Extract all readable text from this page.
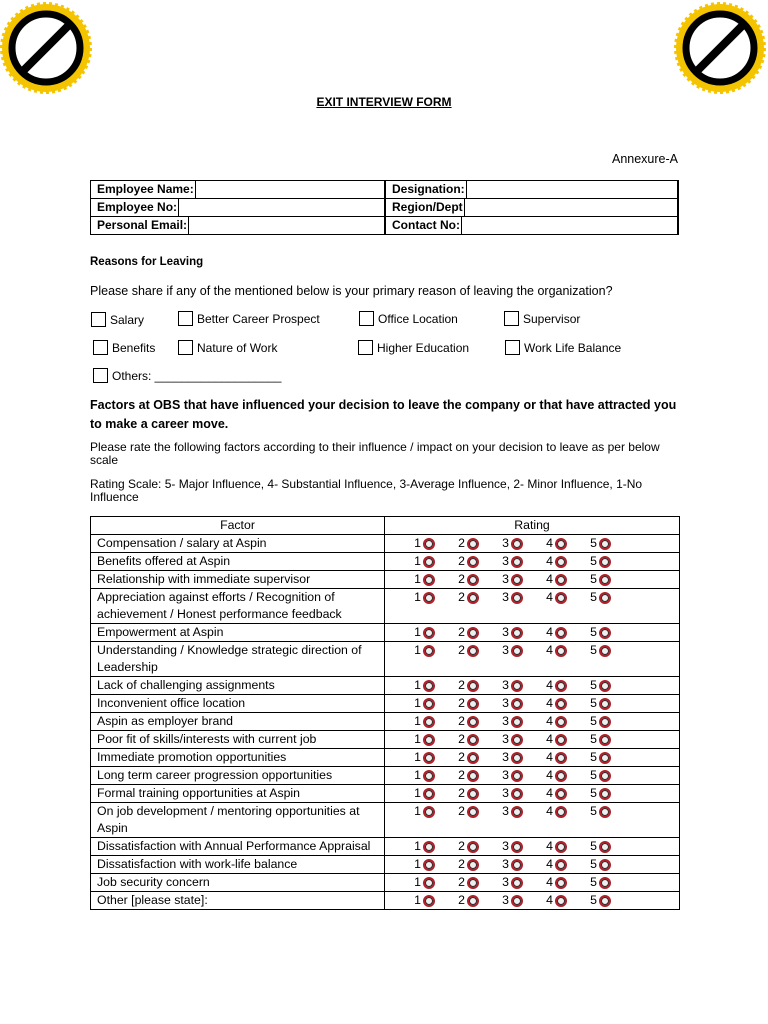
EXIT INTERVIEW FORM
Annexure-A
Employee Name:	Designation:

Employee No:	Region/Dept

Personal Email:	Contact No:
Reasons for Leaving
Please share if any of the mentioned below is your primary reason of leaving the organization?
Salary	Better Career Prospect	Office Location	Supervisor
Benefits	Nature of Work	Higher Education	Work Life Balance
Others: ___________________
Factors at OBS that have influenced your decision to leave the company or that have attracted you to make a career move.
Please rate the following factors according to their influence / impact on your decision to leave as per below scale
Rating Scale: 5- Major Influence, 4- Substantial Influence, 3-Average Influence, 2- Minor Influence, 1-No Influence
Factor	Rating
Compensation / salary at Aspin	1 2 3 4 5

Benefits offered at Aspin	1 2 3 4 5

Relationship with immediate supervisor	1 2 3 4 5

Appreciation against efforts / Recognition of achievement / Honest performance feedback	1 2 3 4 5

Empowerment at Aspin	1 2 3 4 5

Understanding / Knowledge strategic direction of Leadership	1 2 3 4 5

Lack of challenging assignments	1 2 3 4 5

Inconvenient office location	1 2 3 4 5

Aspin as employer brand	1 2 3 4 5

Poor fit of skills/interests with current job	1 2 3 4 5

Immediate promotion opportunities	1 2 3 4 5

Long term career progression opportunities	1 2 3 4 5

Formal training opportunities at Aspin	1 2 3 4 5

On job development / mentoring opportunities at Aspin	1 2 3 4 5

Dissatisfaction with Annual Performance Appraisal	1 2 3 4 5

Dissatisfaction with work-life balance	1 2 3 4 5

Job security concern	1 2 3 4 5

Other [please state]:	1 2 3 4 5
